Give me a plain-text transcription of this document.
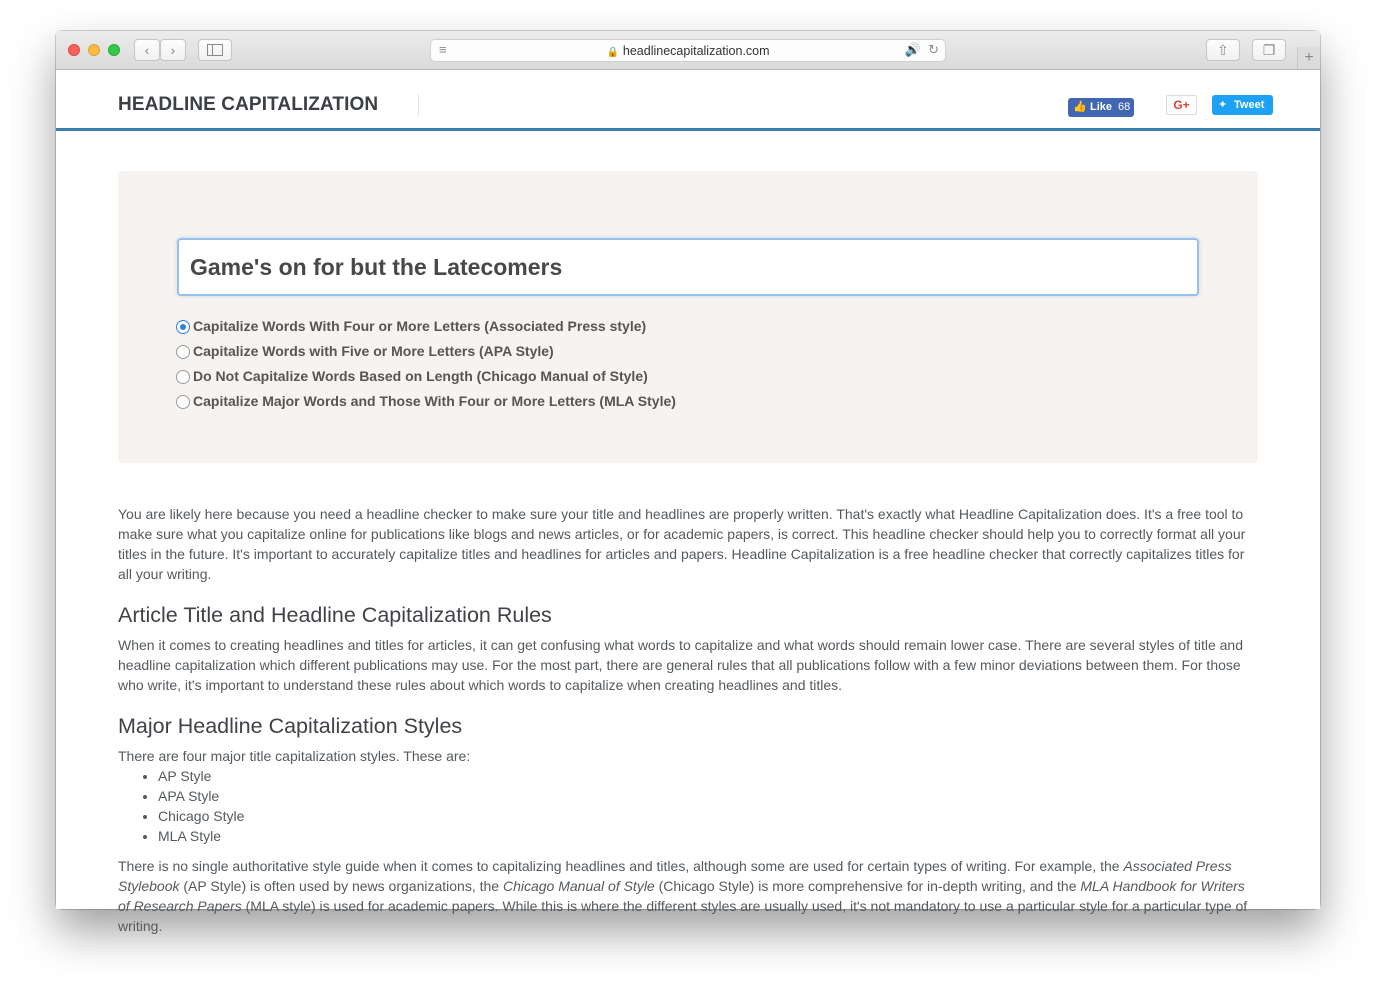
‹	›	≡	🔒 headlinecapitalization.com	🔊 ↻	⇧	❐	+
HEADLINE CAPITALIZATION	👍 Like 68	G+	✦ Tweet
Game's on for but the Latecomers
Capitalize Words With Four or More Letters (Associated Press style)
Capitalize Words with Five or More Letters (APA Style)
Do Not Capitalize Words Based on Length (Chicago Manual of Style)
Capitalize Major Words and Those With Four or More Letters (MLA Style)

You are likely here because you need a headline checker to make sure your title and headlines are properly written. That's exactly what Headline Capitalization does. It's a free tool to make sure what you capitalize online for publications like blogs and news articles, or for academic papers, is correct. This headline checker should help you to correctly format all your titles in the future. It's important to accurately capitalize titles and headlines for articles and papers. Headline Capitalization is a free headline checker that correctly capitalizes titles for all your writing.

Article Title and Headline Capitalization Rules

When it comes to creating headlines and titles for articles, it can get confusing what words to capitalize and what words should remain lower case. There are several styles of title and headline capitalization which different publications may use. For the most part, there are general rules that all publications follow with a few minor deviations between them. For those who write, it's important to understand these rules about which words to capitalize when creating headlines and titles.

Major Headline Capitalization Styles

There are four major title capitalization styles. These are:

• AP Style
• APA Style
• Chicago Style
• MLA Style

There is no single authoritative style guide when it comes to capitalizing headlines and titles, although some are used for certain types of writing. For example, the Associated Press Stylebook (AP Style) is often used by news organizations, the Chicago Manual of Style (Chicago Style) is more comprehensive for in-depth writing, and the MLA Handbook for Writers of Research Papers (MLA style) is used for academic papers. While this is where the different styles are usually used, it's not mandatory to use a particular style for a particular type of writing.
